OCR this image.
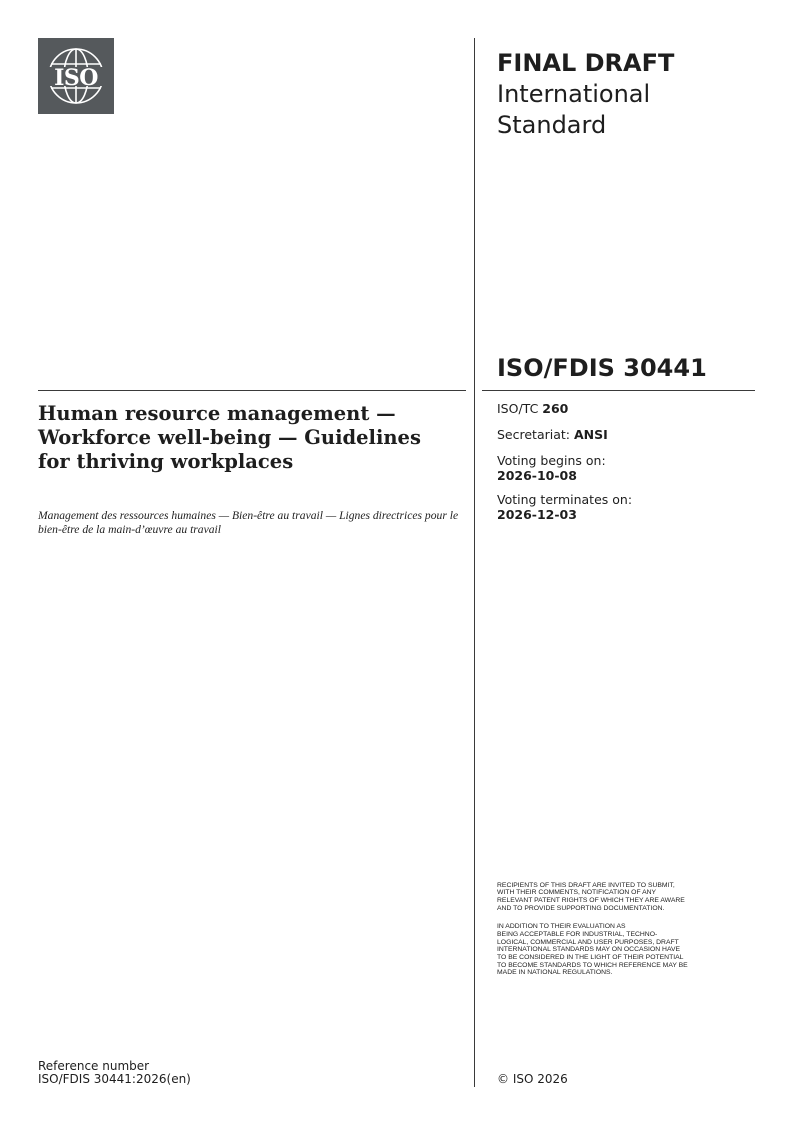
ISO
FINAL DRAFT
International
Standard
ISO/FDIS 30441
Human resource management — Workforce well-being — Guidelines for thriving workplaces
Management des ressources humaines — Bien-être au travail — Lignes directrices pour le bien-être de la main-d’œuvre au travail
ISO/TC 260
Secretariat: ANSI
Voting begins on:
2026-10-08
Voting terminates on:
2026-12-03

RECIPIENTS OF THIS DRAFT ARE INVITED TO SUBMIT,
WITH THEIR COMMENTS, NOTIFICATION OF ANY
RELEVANT PATENT RIGHTS OF WHICH THEY ARE AWARE
AND TO PROVIDE SUPPORTING DOCUMENTATION.

IN ADDITION TO THEIR EVALUATION AS
BEING ACCEPTABLE FOR INDUSTRIAL, TECHNO-
LOGICAL, COMMERCIAL AND USER PURPOSES, DRAFT
INTERNATIONAL STANDARDS MAY ON OCCASION HAVE
TO BE CONSIDERED IN THE LIGHT OF THEIR POTENTIAL
TO BECOME STANDARDS TO WHICH REFERENCE MAY BE
MADE IN NATIONAL REGULATIONS.

Reference number
ISO/FDIS 30441:2026(en)	© ISO 2026
